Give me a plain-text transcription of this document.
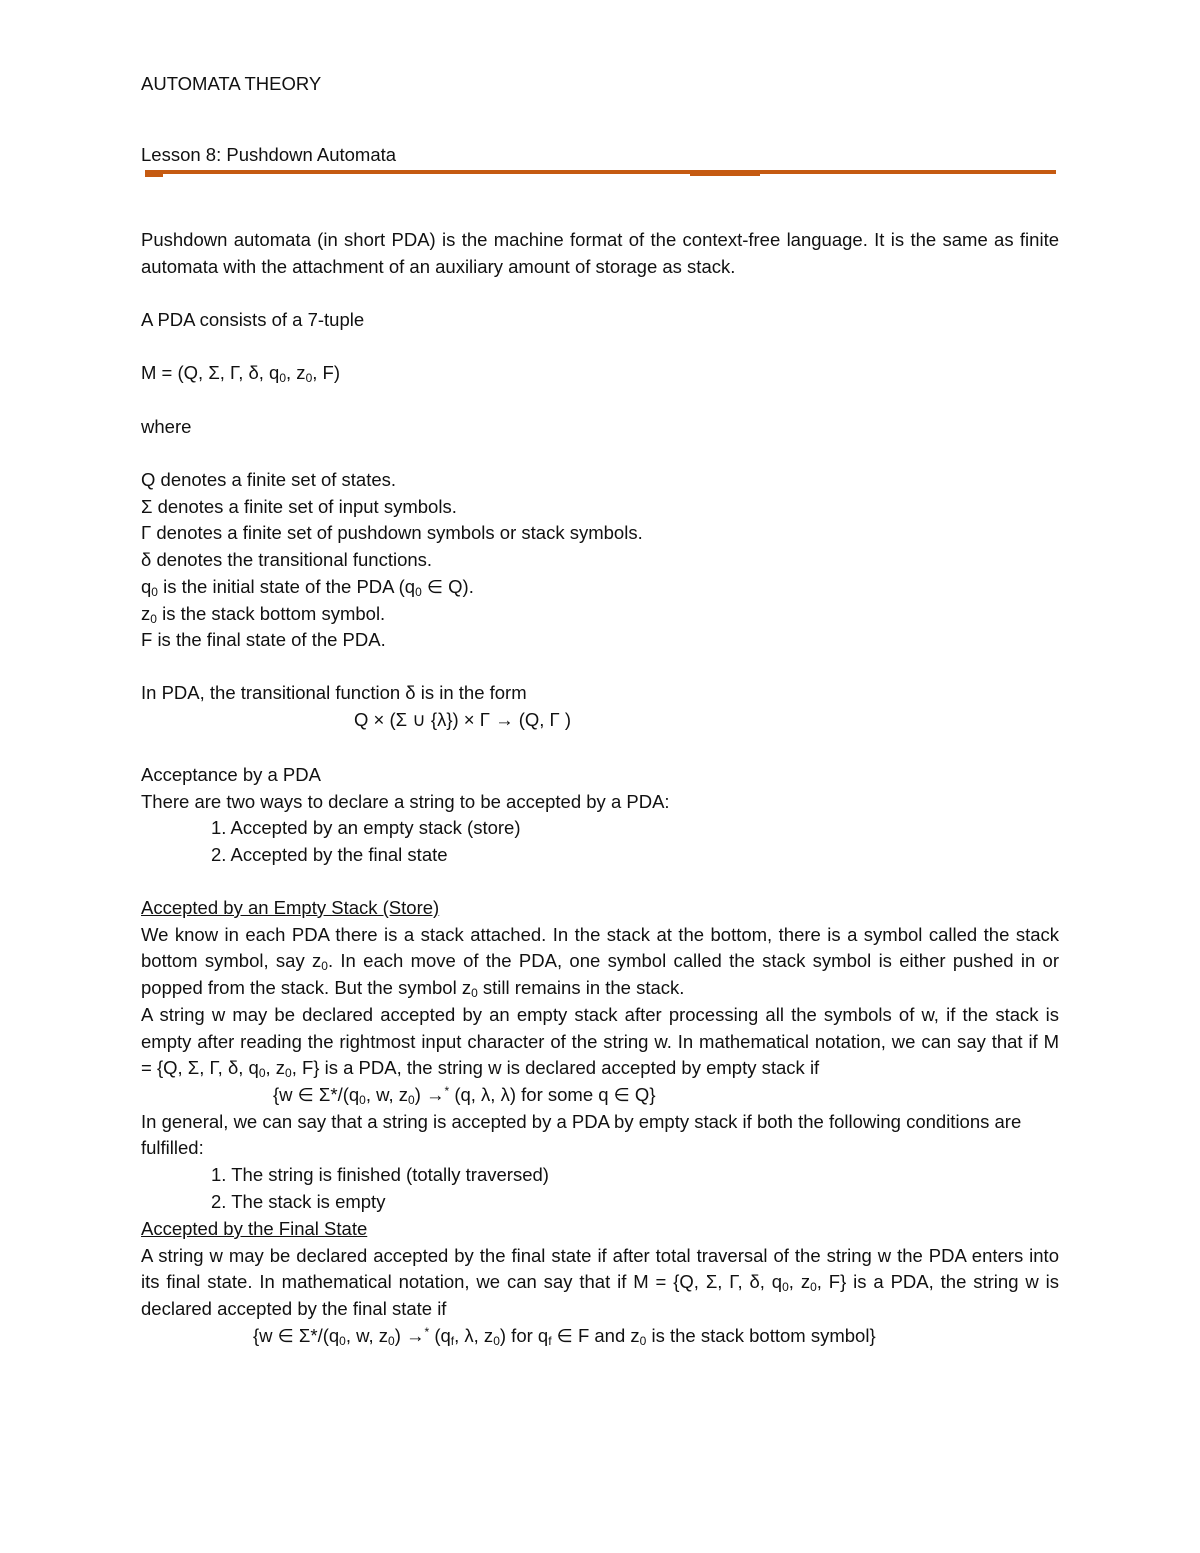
AUTOMATA THEORY

Lesson 8: Pushdown Automata

Pushdown automata (in short PDA) is the machine format of the context-free language. It is the same as finite automata with the attachment of an auxiliary amount of storage as stack.

A PDA consists of a 7-tuple

M = (Q, Σ, Γ, δ, $q_0$, $z_0$, F)

where

Q denotes a finite set of states.

Σ denotes a finite set of input symbols.

Γ denotes a finite set of pushdown symbols or stack symbols.

δ denotes the transitional functions.

$q_0$ is the initial state of the PDA ($q_0$ ∈ Q).

$z_0$ is the stack bottom symbol.

F is the final state of the PDA.

In PDA, the transitional function δ is in the form

Q × (Σ ∪ {λ}) × Γ → (Q, Γ )

Acceptance by a PDA

There are two ways to declare a string to be accepted by a PDA:

1. Accepted by an empty stack (store)

2. Accepted by the final state

Accepted by an Empty Stack (Store)

We know in each PDA there is a stack attached. In the stack at the bottom, there is a symbol called the stack bottom symbol, say $z_0$. In each move of the PDA, one symbol called the stack symbol is either pushed in or popped from the stack. But the symbol $z_0$ still remains in the stack.

A string w may be declared accepted by an empty stack after processing all the symbols of w, if the stack is empty after reading the rightmost input character of the string w. In mathematical notation, we can say that if M = {Q, Σ, Γ, δ, $q_0$, $z_0$, F} is a PDA, the string w is declared accepted by empty stack if

{w ∈ $\Sigma*/(q_0$, w, $z_0) \to^*$ (q, λ, λ) for some q ∈ Q}

In general, we can say that a string is accepted by a PDA by empty stack if both the following conditions are fulfilled:

1. The string is finished (totally traversed)

2. The stack is empty

Accepted by the Final State

A string w may be declared accepted by the final state if after total traversal of the string w the PDA enters into its final state. In mathematical notation, we can say that if M = {Q, Σ, Γ, δ, $q_0$, $z_0$, F} is a PDA, the string w is declared accepted by the final state if

{w ∈ $\Sigma*/(q_0$, w, $z_0) \to^*$ ($q_f$, λ, $z_0$) for $q_f$ ∈ F and $z_0$ is the stack bottom symbol}
